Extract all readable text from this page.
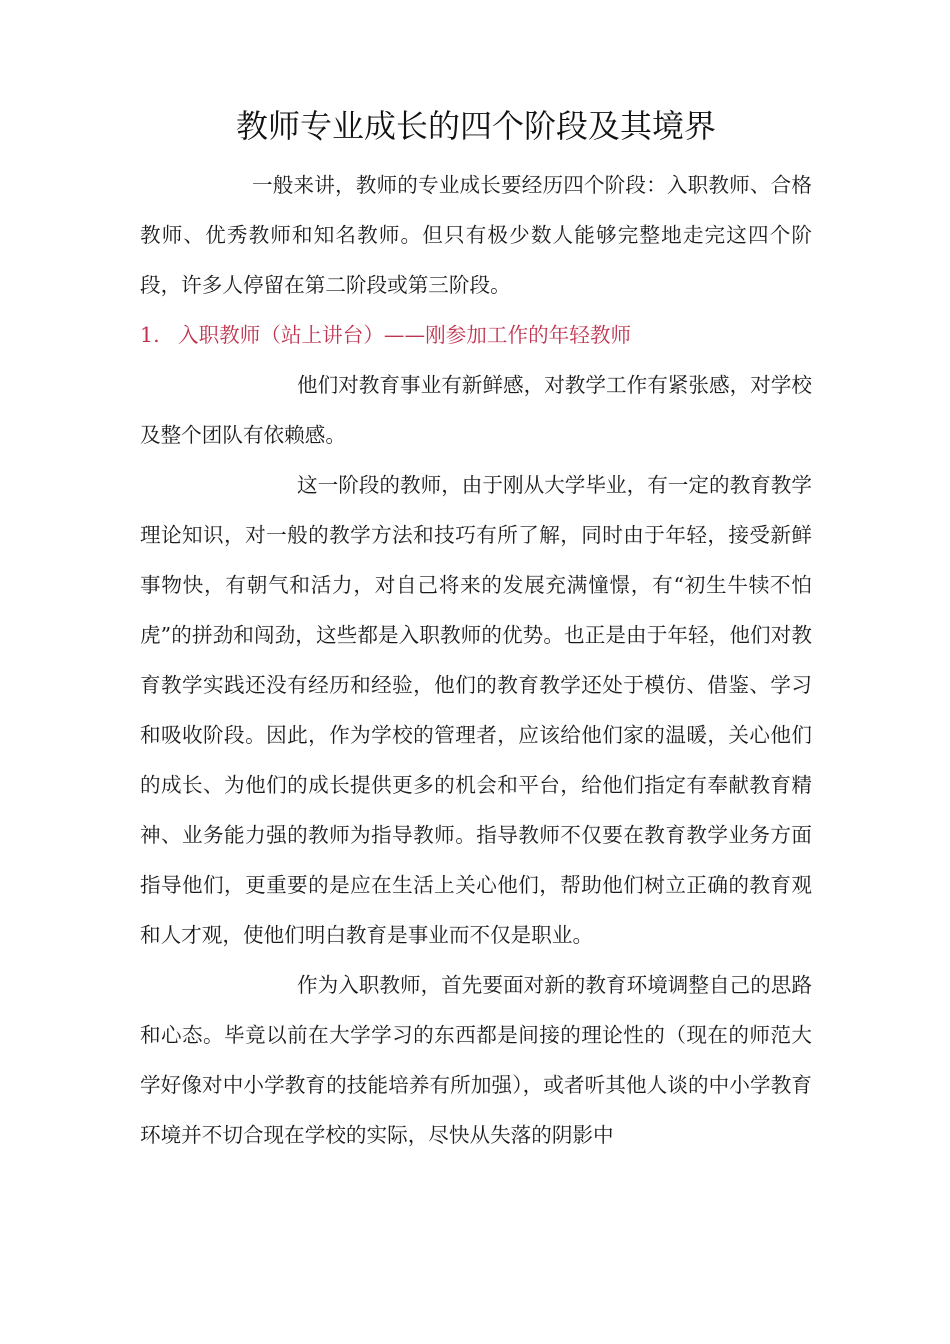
教师专业成长的四个阶段及其境界

一般来讲，教师的专业成长要经历四个阶段：入职教师、合格教师、优秀教师和知名教师。但只有极少数人能够完整地走完这四个阶段，许多人停留在第二阶段或第三阶段。

1. 入职教师（站上讲台）——刚参加工作的年轻教师

他们对教育事业有新鲜感，对教学工作有紧张感，对学校及整个团队有依赖感。

这一阶段的教师，由于刚从大学毕业，有一定的教育教学理论知识，对一般的教学方法和技巧有所了解，同时由于年轻，接受新鲜事物快，有朝气和活力，对自己将来的发展充满憧憬，有“初生牛犊不怕虎”的拼劲和闯劲，这些都是入职教师的优势。也正是由于年轻，他们对教育教学实践还没有经历和经验，他们的教育教学还处于模仿、借鉴、学习和吸收阶段。因此，作为学校的管理者，应该给他们家的温暖，关心他们的成长、为他们的成长提供更多的机会和平台，给他们指定有奉献教育精神、业务能力强的教师为指导教师。指导教师不仅要在教育教学业务方面指导他们，更重要的是应在生活上关心他们，帮助他们树立正确的教育观和人才观，使他们明白教育是事业而不仅是职业。

作为入职教师，首先要面对新的教育环境调整自己的思路和心态。毕竟以前在大学学习的东西都是间接的理论性的（现在的师范大学好像对中小学教育的技能培养有所加强），或者听其他人谈的中小学教育环境并不切合现在学校的实际，尽快从失落的阴影中
